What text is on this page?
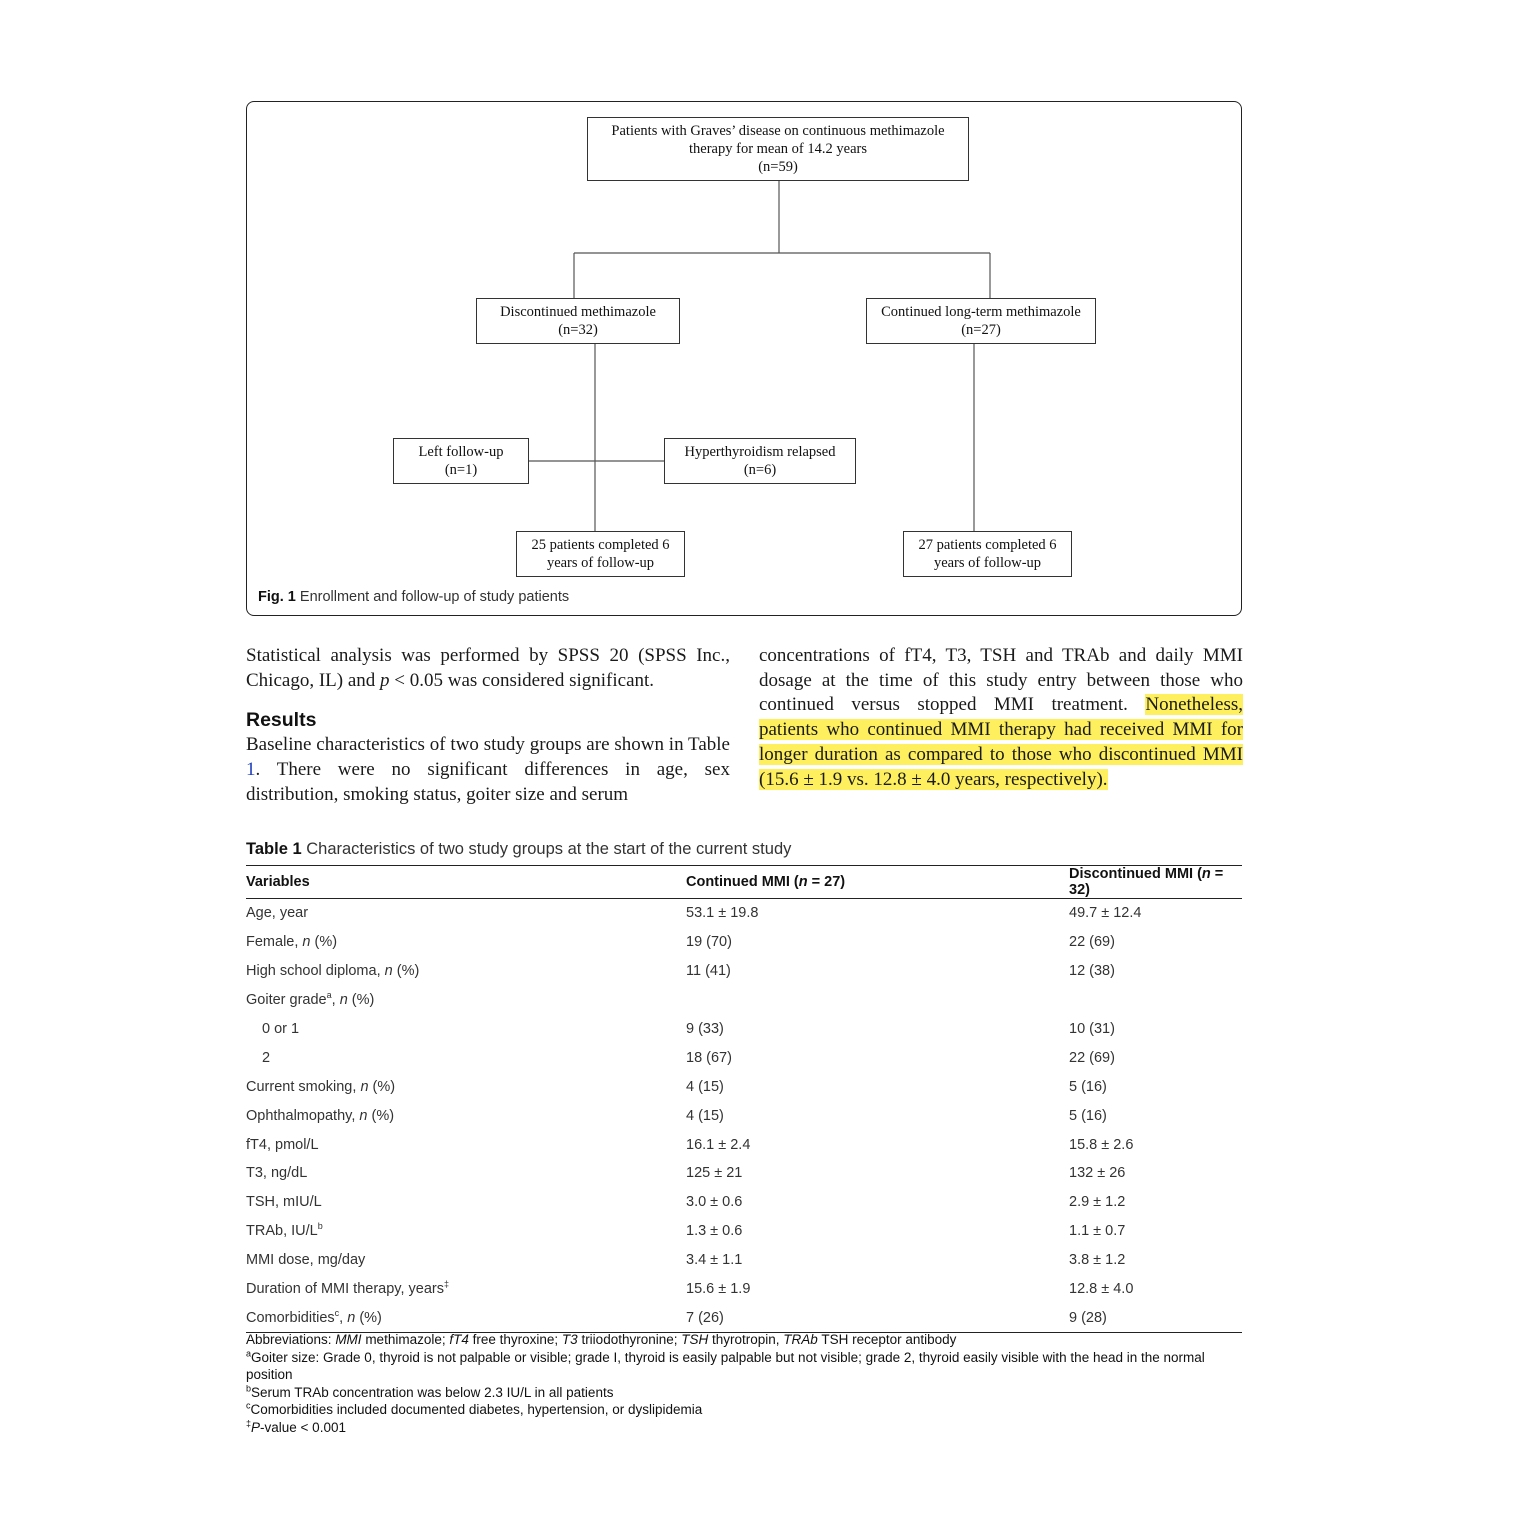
Patients with Graves’ disease on continuous methimazole
therapy for mean of 14.2 years
(n=59)
Discontinued methimazole
(n=32)
Continued long-term methimazole
(n=27)
Left follow-up
(n=1)
Hyperthyroidism relapsed
(n=6)
25 patients completed 6
years of follow-up
27 patients completed 6
years of follow-up
Fig. 1 Enrollment and follow-up of study patients

Statistical analysis was performed by SPSS 20 (SPSS Inc., Chicago, IL) and p < 0.05 was considered significant.

Results

Baseline characteristics of two study groups are shown in Table 1. There were no significant differences in age, sex distribution, smoking status, goiter size and serum

concentrations of fT4, T3, TSH and TRAb and daily MMI dosage at the time of this study entry between those who continued versus stopped MMI treatment. Nonetheless, patients who continued MMI therapy had received MMI for longer duration as compared to those who discontinued MMI (15.6 ± 1.9 vs. 12.8 ± 4.0 years, respectively).

Table 1 Characteristics of two study groups at the start of the current study
Variables	Continued MMI (n = 27)	Discontinued MMI (n = 32)
Age, year	53.1 ± 19.8	49.7 ± 12.4
Female, n (%)	19 (70)	22 (69)
High school diploma, n (%)	11 (41)	12 (38)
Goiter grade$^a$, n (%)		
0 or 1	9 (33)	10 (31)
2	18 (67)	22 (69)
Current smoking, n (%)	4 (15)	5 (16)
Ophthalmopathy, n (%)	4 (15)	5 (16)
fT4, pmol/L	16.1 ± 2.4	15.8 ± 2.6
T3, ng/dL	125 ± 21	132 ± 26
TSH, mIU/L	3.0 ± 0.6	2.9 ± 1.2
TRAb, $IU/L^b$	1.3 ± 0.6	1.1 ± 0.7
MMI dose, mg/day	3.4 ± 1.1	3.8 ± 1.2
Duration of MMI therapy, years‡	15.6 ± 1.9	12.8 ± 4.0
Comorbidities$^c$, n (%)	7 (26)	9 (28)
Abbreviations: MMI methimazole; fT4 free thyroxine; T3 triiodothyronine; TSH thyrotropin, TRAb TSH receptor antibody
$^a$Goiter size: Grade 0, thyroid is not palpable or visible; grade I, thyroid is easily palpable but not visible; grade 2, thyroid easily visible with the head in the normal position
$^b$Serum TRAb concentration was below 2.3 IU/L in all patients
$^c$Comorbidities included documented diabetes, hypertension, or dyslipidemia
‡P-value < 0.001
